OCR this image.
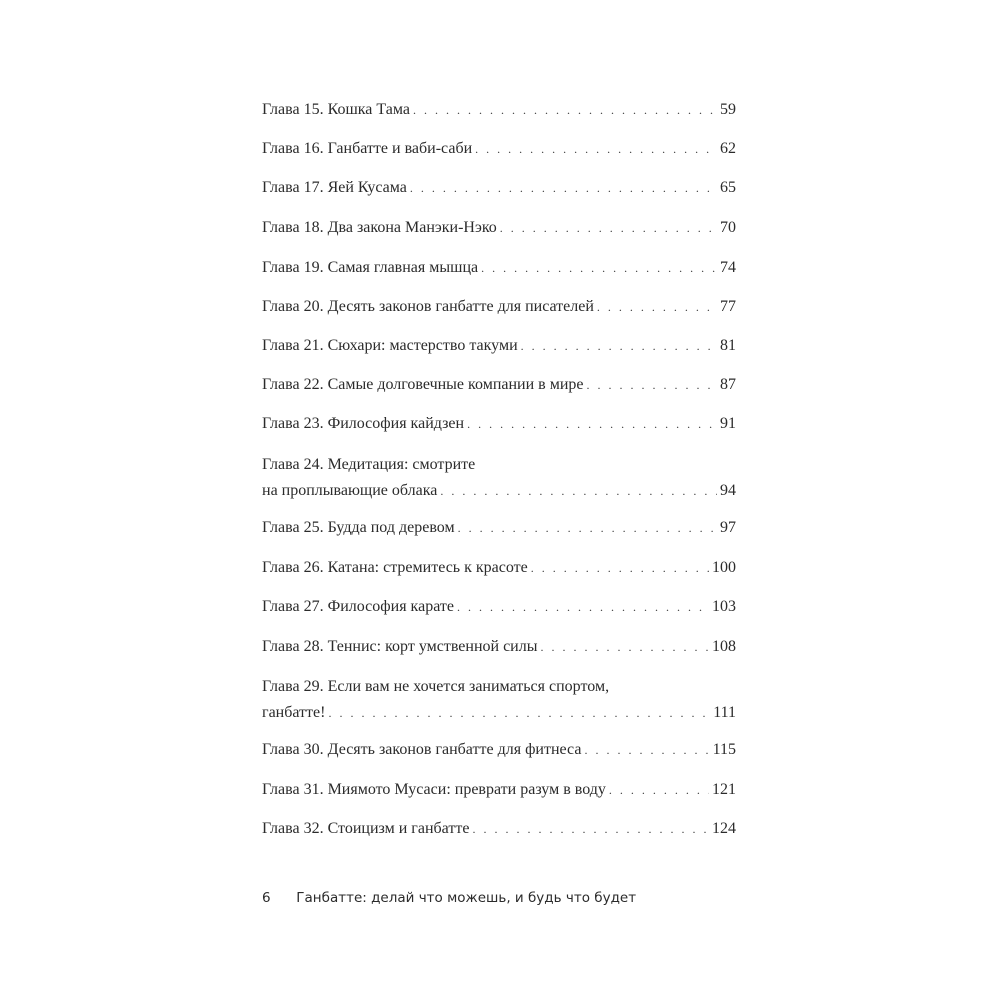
Глава 15. Кошка Тама . . .	59
Глава 16. Ганбатте и ваби-саби . . .	62
Глава 17. Яей Кусама . . .	65
Глава 18. Два закона Манэки-Нэко . . .	70
Глава 19. Самая главная мышца . . .	74
Глава 20. Десять законов ганбатте для писателей . . .	77
Глава 21. Сюхари: мастерство такуми . . .	81
Глава 22. Самые долговечные компании в мире . . .	87
Глава 23. Философия кайдзен . . .	91
Глава 24. Медитация: смотрите
на проплывающие облака . . .	94
Глава 25. Будда под деревом . . .	97
Глава 26. Катана: стремитесь к красоте . . .	100
Глава 27. Философия карате . . .	103
Глава 28. Теннис: корт умственной силы . . .	108
Глава 29. Если вам не хочется заниматься спортом,
ганбатте! . . .	111
Глава 30. Десять законов ганбатте для фитнеса . . .	115
Глава 31. Миямото Мусаси: преврати разум в воду . . .	121
Глава 32. Стоицизм и ганбатте . . .	124
6 Ганбатте: делай что можешь, и будь что будет
